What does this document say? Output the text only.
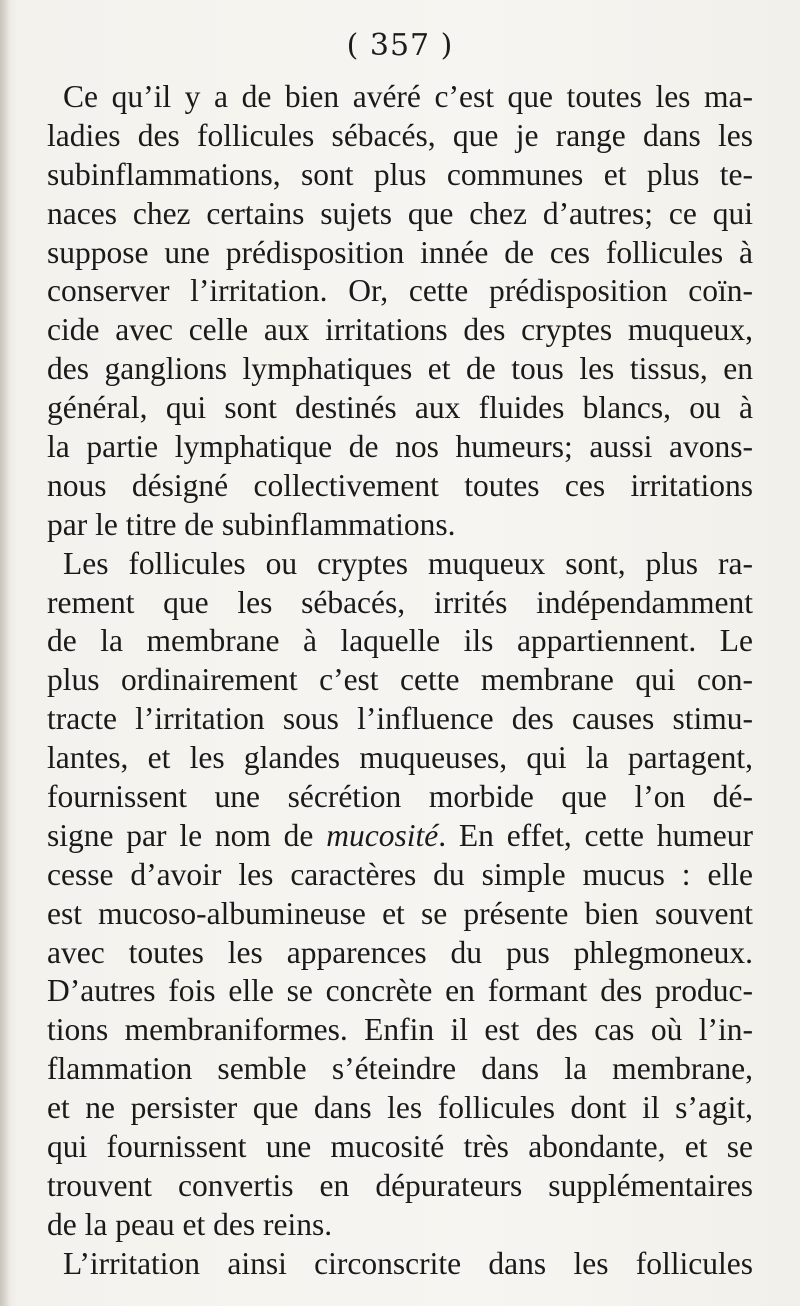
( 357 )
Ce qu’il y a de bien avéré c’est que toutes les ma-
ladies des follicules sébacés, que je range dans les
subinflammations, sont plus communes et plus te-
naces chez certains sujets que chez d’autres; ce qui
suppose une prédisposition innée de ces follicules à
conserver l’irritation. Or, cette prédisposition coïn-
cide avec celle aux irritations des cryptes muqueux,
des ganglions lymphatiques et de tous les tissus, en
général, qui sont destinés aux fluides blancs, ou à
la partie lymphatique de nos humeurs; aussi avons-
nous désigné collectivement toutes ces irritations
par le titre de subinflammations.
Les follicules ou cryptes muqueux sont, plus ra-
rement que les sébacés, irrités indépendamment
de la membrane à laquelle ils appartiennent. Le
plus ordinairement c’est cette membrane qui con-
tracte l’irritation sous l’influence des causes stimu-
lantes, et les glandes muqueuses, qui la partagent,
fournissent une sécrétion morbide que l’on dé-
signe par le nom de mucosité. En effet, cette humeur
cesse d’avoir les caractères du simple mucus : elle
est mucoso-albumineuse et se présente bien souvent
avec toutes les apparences du pus phlegmoneux.
D’autres fois elle se concrète en formant des produc-
tions membraniformes. Enfin il est des cas où l’in-
flammation semble s’éteindre dans la membrane,
et ne persister que dans les follicules dont il s’agit,
qui fournissent une mucosité très abondante, et se
trouvent convertis en dépurateurs supplémentaires
de la peau et des reins.
L’irritation ainsi circonscrite dans les follicules
